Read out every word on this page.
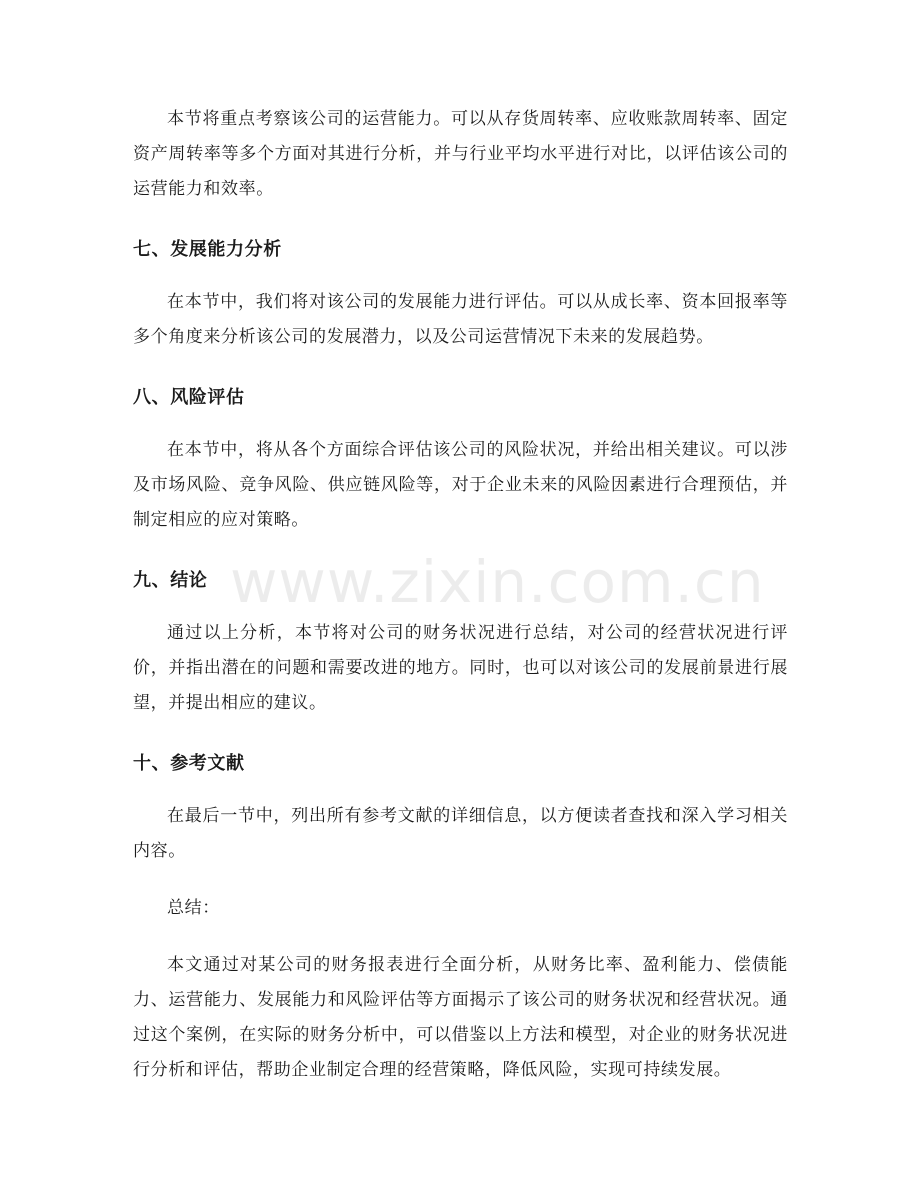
本节将重点考察该公司的运营能力。可以从存货周转率、应收账款周转率、固定资产周转率等多个方面对其进行分析，并与行业平均水平进行对比，以评估该公司的运营能力和效率。

七、发展能力分析

在本节中，我们将对该公司的发展能力进行评估。可以从成长率、资本回报率等多个角度来分析该公司的发展潜力，以及公司运营情况下未来的发展趋势。

八、风险评估

在本节中，将从各个方面综合评估该公司的风险状况，并给出相关建议。可以涉及市场风险、竞争风险、供应链风险等，对于企业未来的风险因素进行合理预估，并制定相应的应对策略。

九、结论

通过以上分析，本节将对公司的财务状况进行总结，对公司的经营状况进行评价，并指出潜在的问题和需要改进的地方。同时，也可以对该公司的发展前景进行展望，并提出相应的建议。

十、参考文献

在最后一节中，列出所有参考文献的详细信息，以方便读者查找和深入学习相关内容。

总结：

本文通过对某公司的财务报表进行全面分析，从财务比率、盈利能力、偿债能力、运营能力、发展能力和风险评估等方面揭示了该公司的财务状况和经营状况。通过这个案例，在实际的财务分析中，可以借鉴以上方法和模型，对企业的财务状况进行分析和评估，帮助企业制定合理的经营策略，降低风险，实现可持续发展。

www.zixin.com.cn
